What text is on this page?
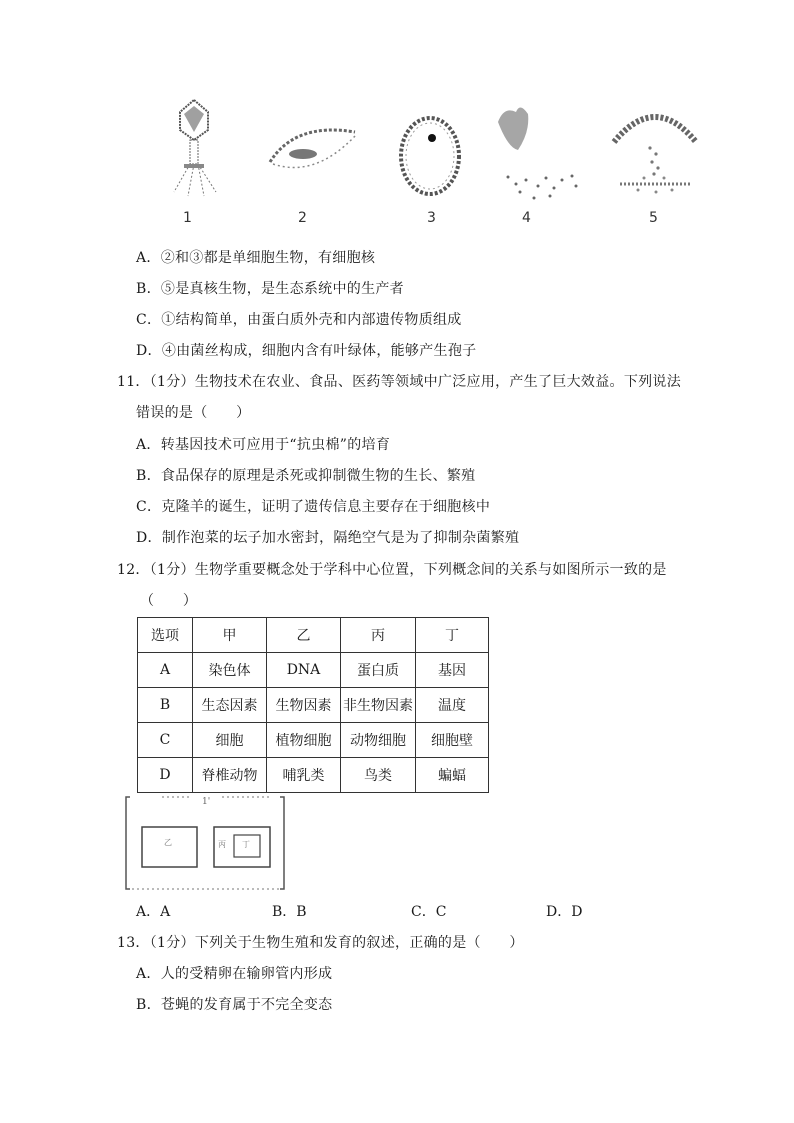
1	2	3	4	5
A．②和③都是单细胞生物，有细胞核
B．⑤是真核生物，是生态系统中的生产者
C．①结构简单，由蛋白质外壳和内部遗传物质组成
D．④由菌丝构成，细胞内含有叶绿体，能够产生孢子
11．（1分）生物技术在农业、食品、医药等领域中广泛应用，产生了巨大效益。下列说法
错误的是（　　）
A．转基因技术可应用于“抗虫棉”的培育
B．食品保存的原理是杀死或抑制微生物的生长、繁殖
C．克隆羊的诞生，证明了遗传信息主要存在于细胞核中
D．制作泡菜的坛子加水密封，隔绝空气是为了抑制杂菌繁殖
12．（1分）生物学重要概念处于学科中心位置，下列概念间的关系与如图所示一致的是
（　　）
选项	甲	乙	丙	丁
A	染色体	DNA	蛋白质	基因
B	生态因素	生物因素	非生物因素	温度
C	细胞	植物细胞	动物细胞	细胞壁
D	脊椎动物	哺乳类	鸟类	蝙蝠
1'
乙	丙 丁
A．A	B．B	C．C	D．D
13．（1分）下列关于生物生殖和发育的叙述，正确的是（　　）
A．人的受精卵在输卵管内形成
B．苍蝇的发育属于不完全变态
